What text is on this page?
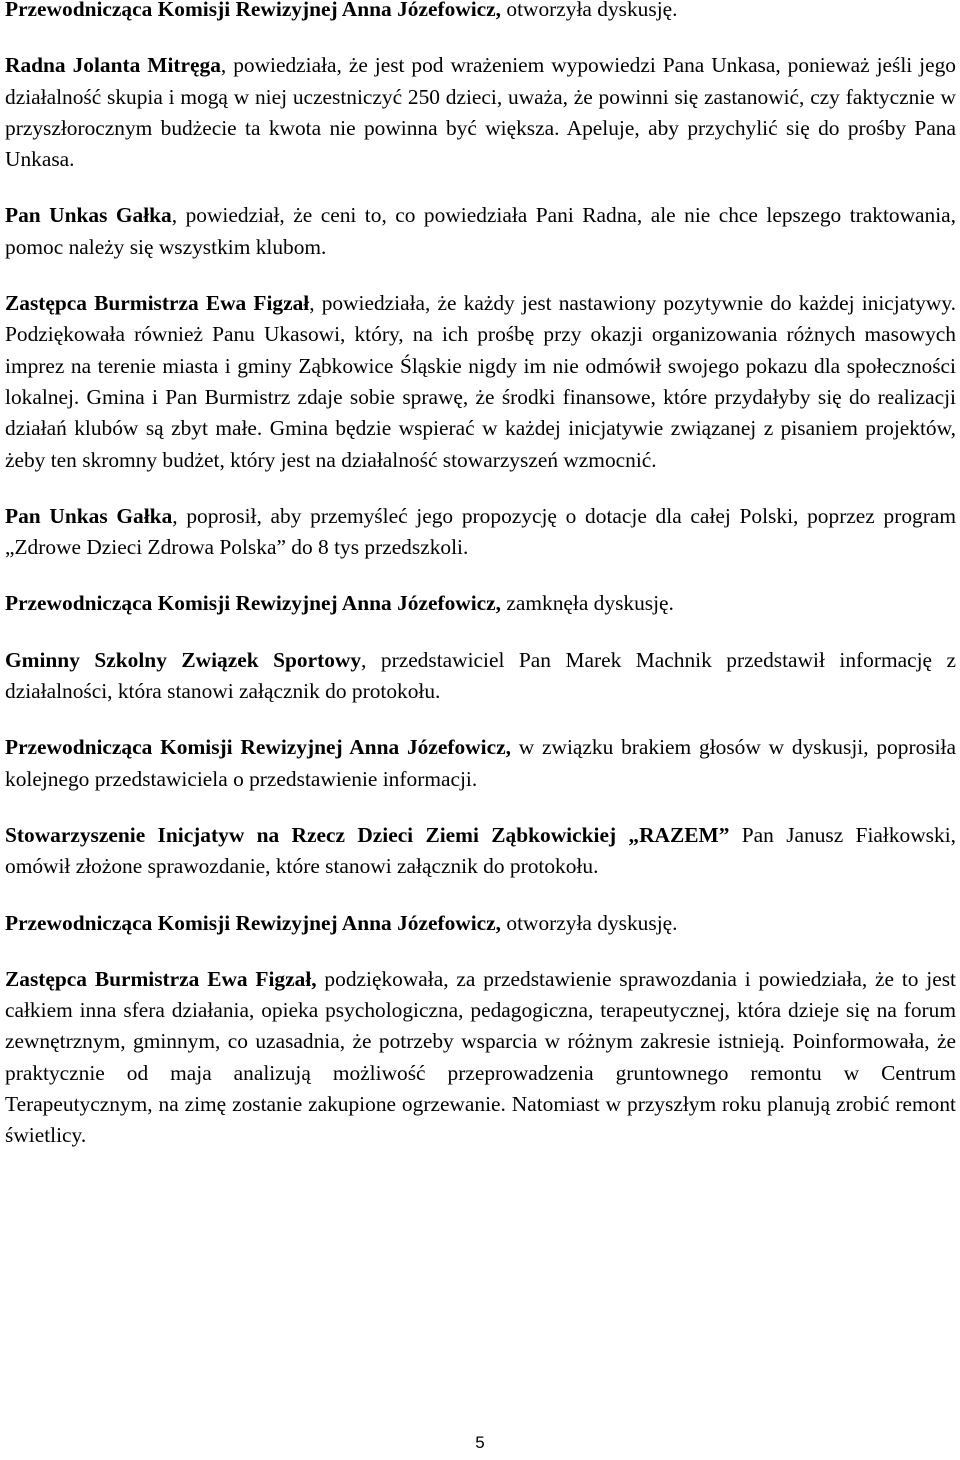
Przewodnicząca Komisji Rewizyjnej Anna Józefowicz, otworzyła dyskusję.

Radna Jolanta Mitręga, powiedziała, że jest pod wrażeniem wypowiedzi Pana Unkasa, ponieważ jeśli jego działalność skupia i mogą w niej uczestniczyć 250 dzieci, uważa, że powinni się zastanowić, czy faktycznie w przyszłorocznym budżecie ta kwota nie powinna być większa. Apeluje, aby przychylić się do prośby Pana Unkasa.

Pan Unkas Gałka, powiedział, że ceni to, co powiedziała Pani Radna, ale nie chce lepszego traktowania, pomoc należy się wszystkim klubom.

Zastępca Burmistrza Ewa Figzał, powiedziała, że każdy jest nastawiony pozytywnie do każdej inicjatywy. Podziękowała również Panu Ukasowi, który, na ich prośbę przy okazji organizowania różnych masowych imprez na terenie miasta i gminy Ząbkowice Śląskie nigdy im nie odmówił swojego pokazu dla społeczności lokalnej. Gmina i Pan Burmistrz zdaje sobie sprawę, że środki finansowe, które przydałyby się do realizacji działań klubów są zbyt małe. Gmina będzie wspierać w każdej inicjatywie związanej z pisaniem projektów, żeby ten skromny budżet, który jest na działalność stowarzyszeń wzmocnić.

Pan Unkas Gałka, poprosił, aby przemyśleć jego propozycję o dotacje dla całej Polski, poprzez program „Zdrowe Dzieci Zdrowa Polska” do 8 tys przedszkoli.

Przewodnicząca Komisji Rewizyjnej Anna Józefowicz, zamknęła dyskusję.

Gminny Szkolny Związek Sportowy, przedstawiciel Pan Marek Machnik przedstawił informację z działalności, która stanowi załącznik do protokołu.

Przewodnicząca Komisji Rewizyjnej Anna Józefowicz, w związku brakiem głosów w dyskusji, poprosiła kolejnego przedstawiciela o przedstawienie informacji.

Stowarzyszenie Inicjatyw na Rzecz Dzieci Ziemi Ząbkowickiej „RAZEM” Pan Janusz Fiałkowski, omówił złożone sprawozdanie, które stanowi załącznik do protokołu.

Przewodnicząca Komisji Rewizyjnej Anna Józefowicz, otworzyła dyskusję.

Zastępca Burmistrza Ewa Figzał, podziękowała, za przedstawienie sprawozdania i powiedziała, że to jest całkiem inna sfera działania, opieka psychologiczna, pedagogiczna, terapeutycznej, która dzieje się na forum zewnętrznym, gminnym, co uzasadnia, że potrzeby wsparcia w różnym zakresie istnieją. Poinformowała, że praktycznie od maja analizują możliwość przeprowadzenia gruntownego remontu w Centrum Terapeutycznym, na zimę zostanie zakupione ogrzewanie. Natomiast w przyszłym roku planują zrobić remont świetlicy.

5
